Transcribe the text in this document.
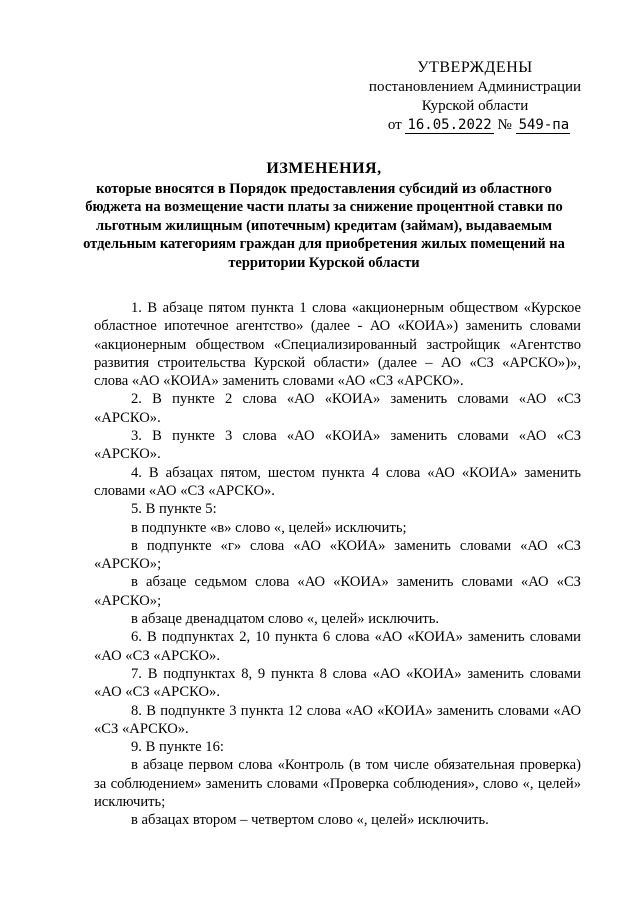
УТВЕРЖДЕНЫ
постановлением Администрации
Курской области
от 16.05.2022 № 549-па
ИЗМЕНЕНИЯ,
которые вносятся в Порядок предоставления субсидий из областного бюджета на возмещение части платы за снижение процентной ставки по льготным жилищным (ипотечным) кредитам (займам), выдаваемым отдельным категориям граждан для приобретения жилых помещений на территории Курской области

1. В абзаце пятом пункта 1 слова «акционерным обществом «Курское областное ипотечное агентство» (далее - АО «КОИА») заменить словами «акционерным обществом «Специализированный застройщик «Агентство развития строительства Курской области» (далее – АО «СЗ «АРСКО»)», слова «АО «КОИА» заменить словами «АО «СЗ «АРСКО».

2. В пункте 2 слова «АО «КОИА» заменить словами «АО «СЗ «АРСКО».

3. В пункте 3 слова «АО «КОИА» заменить словами «АО «СЗ «АРСКО».

4. В абзацах пятом, шестом пункта 4 слова «АО «КОИА» заменить словами «АО «СЗ «АРСКО».

5. В пункте 5:

в подпункте «в» слово «, целей» исключить;

в подпункте «г» слова «АО «КОИА» заменить словами «АО «СЗ «АРСКО»;

в абзаце седьмом слова «АО «КОИА» заменить словами «АО «СЗ «АРСКО»;

в абзаце двенадцатом слово «, целей» исключить.

6. В подпунктах 2, 10 пункта 6 слова «АО «КОИА» заменить словами «АО «СЗ «АРСКО».

7. В подпунктах 8, 9 пункта 8 слова «АО «КОИА» заменить словами «АО «СЗ «АРСКО».

8. В подпункте 3 пункта 12 слова «АО «КОИА» заменить словами «АО «СЗ «АРСКО».

9. В пункте 16:

в абзаце первом слова «Контроль (в том числе обязательная проверка) за соблюдением» заменить словами «Проверка соблюдения», слово «, целей» исключить;

в абзацах втором – четвертом слово «, целей» исключить.
